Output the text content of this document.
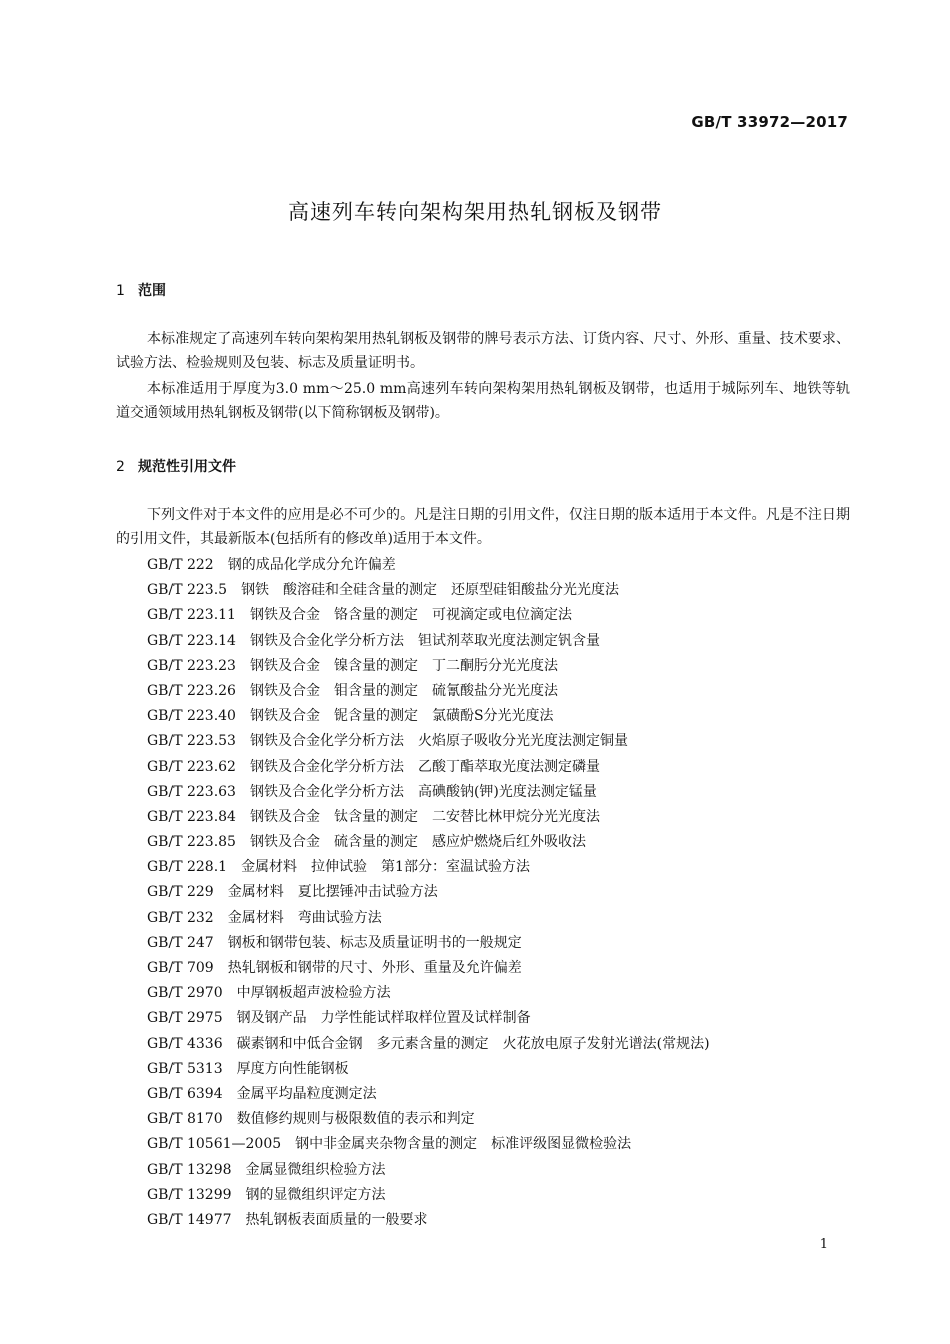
GB/T 33972—2017
高速列车转向架构架用热轧钢板及钢带
1 范围
本标准规定了高速列车转向架构架用热轧钢板及钢带的牌号表示方法、订货内容、尺寸、外形、重量、技术要求、试验方法、检验规则及包装、标志及质量证明书。
本标准适用于厚度为3.0 mm～25.0 mm高速列车转向架构架用热轧钢板及钢带，也适用于城际列车、地铁等轨道交通领域用热轧钢板及钢带(以下简称钢板及钢带)。
2 规范性引用文件
下列文件对于本文件的应用是必不可少的。凡是注日期的引用文件，仅注日期的版本适用于本文件。凡是不注日期的引用文件，其最新版本(包括所有的修改单)适用于本文件。
GB/T 222 钢的成品化学成分允许偏差
GB/T 223.5 钢铁　酸溶硅和全硅含量的测定　还原型硅钼酸盐分光光度法
GB/T 223.11 钢铁及合金　铬含量的测定　可视滴定或电位滴定法
GB/T 223.14 钢铁及合金化学分析方法　钽试剂萃取光度法测定钒含量
GB/T 223.23 钢铁及合金　镍含量的测定　丁二酮肟分光光度法
GB/T 223.26 钢铁及合金　钼含量的测定　硫氰酸盐分光光度法
GB/T 223.40 钢铁及合金　铌含量的测定　氯磺酚S分光光度法
GB/T 223.53 钢铁及合金化学分析方法　火焰原子吸收分光光度法测定铜量
GB/T 223.62 钢铁及合金化学分析方法　乙酸丁酯萃取光度法测定磷量
GB/T 223.63 钢铁及合金化学分析方法　高碘酸钠(钾)光度法测定锰量
GB/T 223.84 钢铁及合金　钛含量的测定　二安替比林甲烷分光光度法
GB/T 223.85 钢铁及合金　硫含量的测定　感应炉燃烧后红外吸收法
GB/T 228.1 金属材料　拉伸试验　第1部分：室温试验方法
GB/T 229 金属材料　夏比摆锤冲击试验方法
GB/T 232 金属材料　弯曲试验方法
GB/T 247 钢板和钢带包装、标志及质量证明书的一般规定
GB/T 709 热轧钢板和钢带的尺寸、外形、重量及允许偏差
GB/T 2970 中厚钢板超声波检验方法
GB/T 2975 钢及钢产品　力学性能试样取样位置及试样制备
GB/T 4336 碳素钢和中低合金钢　多元素含量的测定　火花放电原子发射光谱法(常规法)
GB/T 5313 厚度方向性能钢板
GB/T 6394 金属平均晶粒度测定法
GB/T 8170 数值修约规则与极限数值的表示和判定
GB/T 10561—2005 钢中非金属夹杂物含量的测定　标准评级图显微检验法
GB/T 13298 金属显微组织检验方法
GB/T 13299 钢的显微组织评定方法
GB/T 14977 热轧钢板表面质量的一般要求
1
